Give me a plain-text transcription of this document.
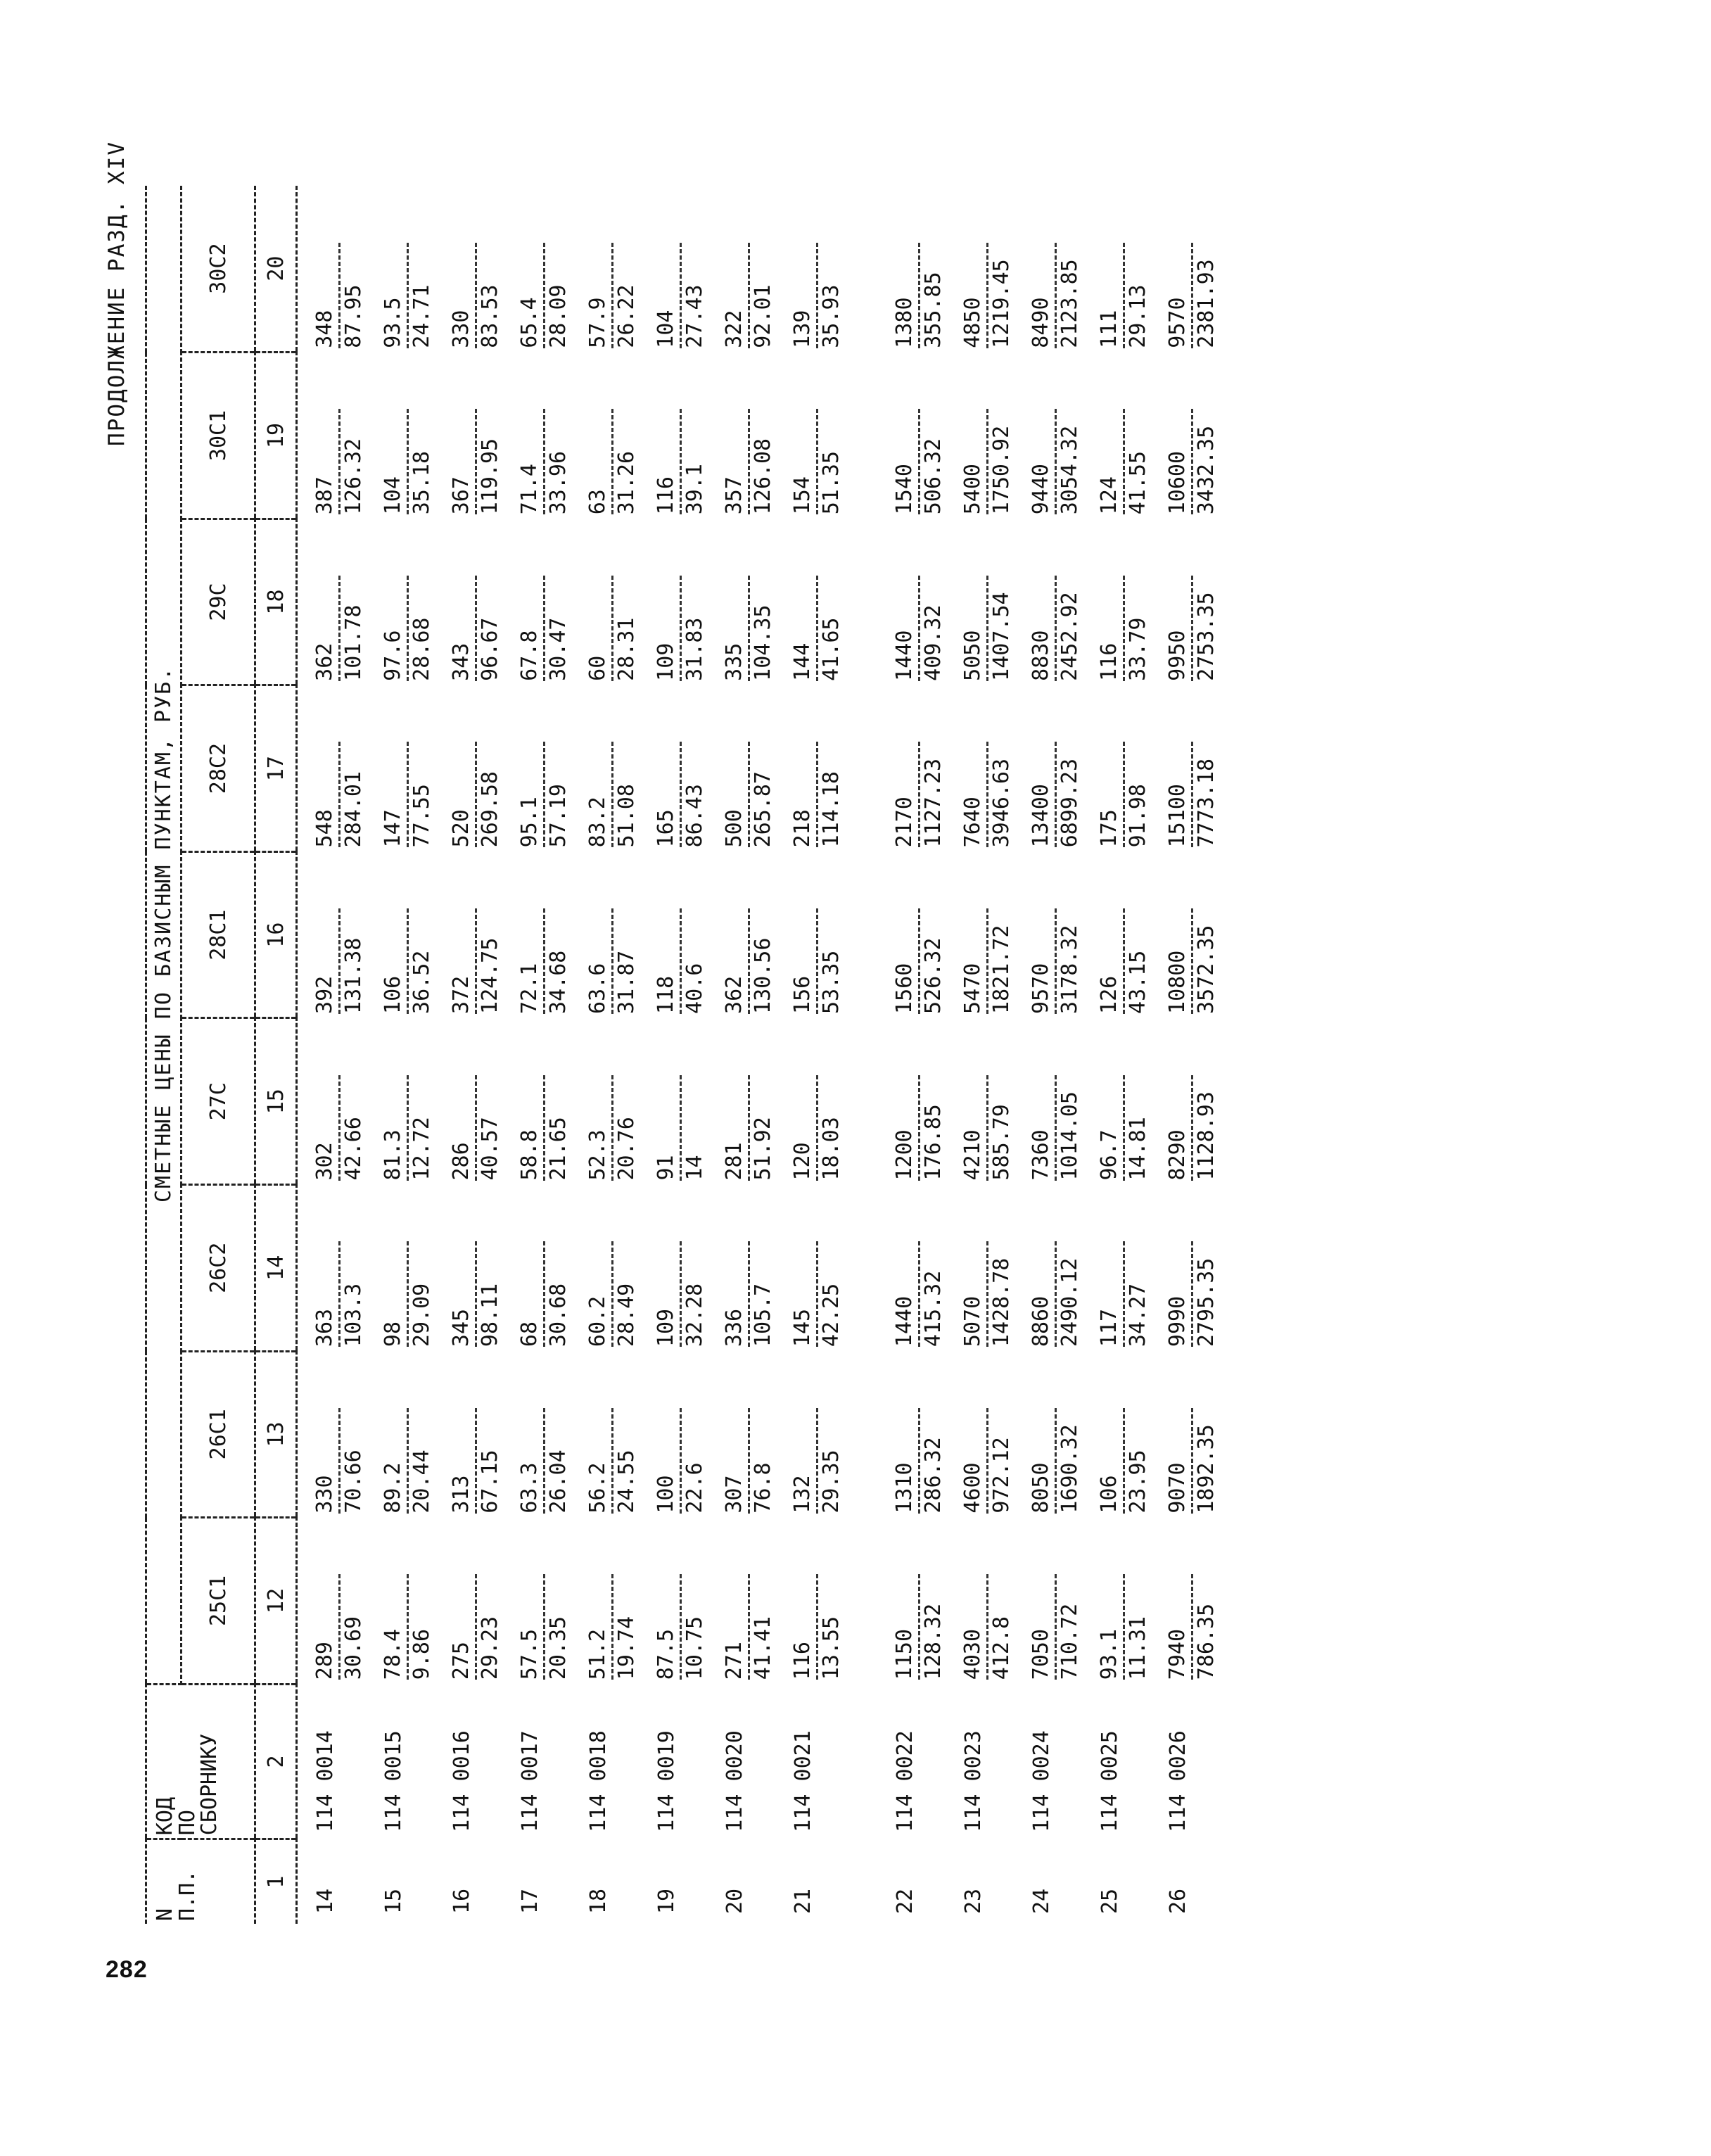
282
ПРОДОЛЖЕНИЕ РАЗД. XIV
N
П.П.	КОД
ПО
СБОРНИКУ	СМЕТНЫЕ ЦЕНЫ ПО БАЗИСНЫМ ПУНКТАМ, РУБ.								
		25С1	26С1	26С2	27С	28С1	28С2	29С	30С1	30С2
1	2	12	13	14	15	16	17	18	19	20
14	114 0014	289 30.69	330 70.66	363 103.3	302 42.66	392 131.38	548 284.01	362 101.78	387 126.32	348 87.95

15	114 0015	78.4 9.86	89.2 20.44	98 29.09	81.3 12.72	106 36.52	147 77.55	97.6 28.68	104 35.18	93.5 24.71

16	114 0016	275 29.23	313 67.15	345 98.11	286 40.57	372 124.75	520 269.58	343 96.67	367 119.95	330 83.53

17	114 0017	57.5 20.35	63.3 26.04	68 30.68	58.8 21.65	72.1 34.68	95.1 57.19	67.8 30.47	71.4 33.96	65.4 28.09

18	114 0018	51.2 19.74	56.2 24.55	60.2 28.49	52.3 20.76	63.6 31.87	83.2 51.08	60 28.31	63 31.26	57.9 26.22

19	114 0019	87.5 10.75	100 22.6	109 32.28	91 14	118 40.6	165 86.43	109 31.83	116 39.1	104 27.43

20	114 0020	271 41.41	307 76.8	336 105.7	281 51.92	362 130.56	500 265.87	335 104.35	357 126.08	322 92.01

21	114 0021	116 13.55	132 29.35	145 42.25	120 18.03	156 53.35	218 114.18	144 41.65	154 51.35	139 35.93

22	114 0022	1150 128.32	1310 286.32	1440 415.32	1200 176.85	1560 526.32	2170 1127.23	1440 409.32	1540 506.32	1380 355.85

23	114 0023	4030 412.8	4600 972.12	5070 1428.78	4210 585.79	5470 1821.72	7640 3946.63	5050 1407.54	5400 1750.92	4850 1219.45

24	114 0024	7050 710.72	8050 1690.32	8860 2490.12	7360 1014.05	9570 3178.32	13400 6899.23	8830 2452.92	9440 3054.32	8490 2123.85

25	114 0025	93.1 11.31	106 23.95	117 34.27	96.7 14.81	126 43.15	175 91.98	116 33.79	124 41.55	111 29.13

26	114 0026	7940 786.35	9070 1892.35	9990 2795.35	8290 1128.93	10800 3572.35	15100 7773.18	9950 2753.35	10600 3432.35	9570 2381.93
